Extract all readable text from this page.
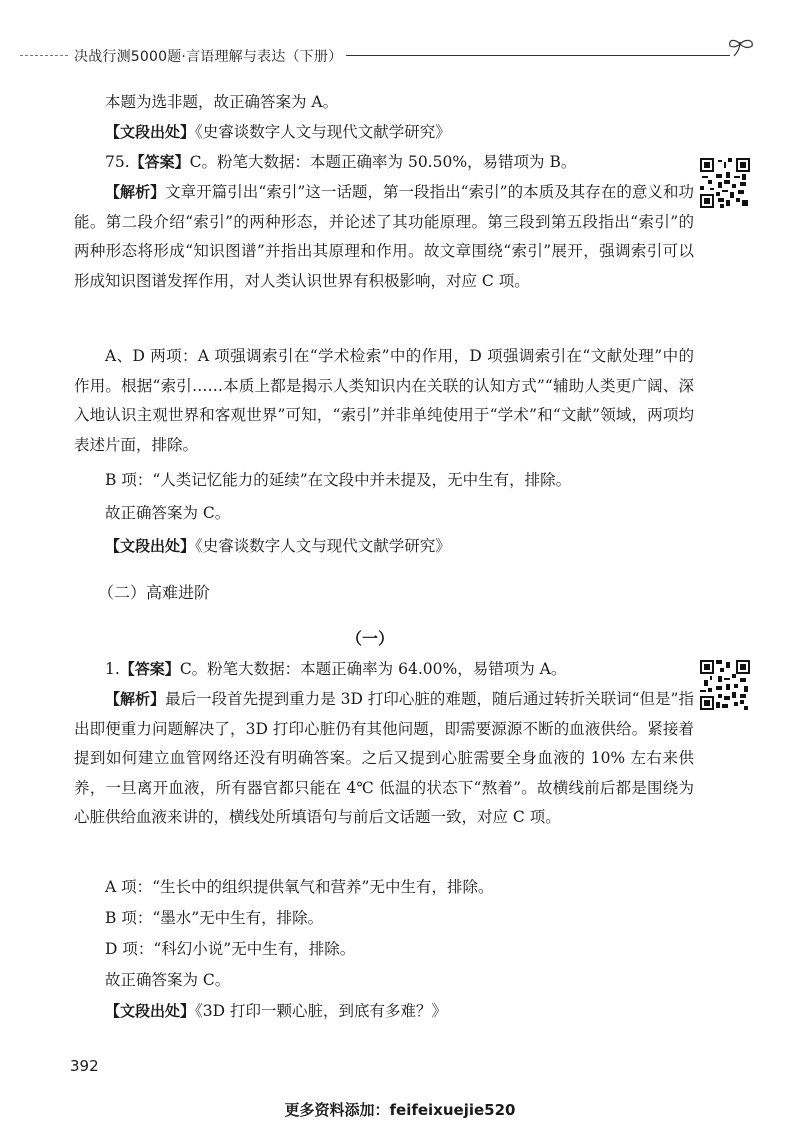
决战行测5000题·言语理解与表达（下册）

本题为选非题，故正确答案为 A。

【文段出处】《史睿谈数字人文与现代文献学研究》

75.【答案】C。粉笔大数据：本题正确率为 50.50%，易错项为 B。

【解析】文章开篇引出“索引”这一话题，第一段指出“索引”的本质及其存在的意义和功能。第二段介绍“索引”的两种形态，并论述了其功能原理。第三段到第五段指出“索引”的两种形态将形成“知识图谱”并指出其原理和作用。故文章围绕“索引”展开，强调索引可以形成知识图谱发挥作用，对人类认识世界有积极影响，对应 C 项。

A、D 两项：A 项强调索引在“学术检索”中的作用，D 项强调索引在“文献处理”中的作用。根据“索引……本质上都是揭示人类知识内在关联的认知方式”“辅助人类更广阔、深入地认识主观世界和客观世界”可知，“索引”并非单纯使用于“学术”和“文献”领域，两项均表述片面，排除。

B 项：“人类记忆能力的延续”在文段中并未提及，无中生有，排除。

故正确答案为 C。

【文段出处】《史睿谈数字人文与现代文献学研究》

（二）高难进阶
（一）

1.【答案】C。粉笔大数据：本题正确率为 64.00%，易错项为 A。

【解析】最后一段首先提到重力是 3D 打印心脏的难题，随后通过转折关联词“但是”指出即便重力问题解决了，3D 打印心脏仍有其他问题，即需要源源不断的血液供给。紧接着提到如何建立血管网络还没有明确答案。之后又提到心脏需要全身血液的 10% 左右来供养，一旦离开血液，所有器官都只能在 4℃ 低温的状态下“熬着”。故横线前后都是围绕为心脏供给血液来讲的，横线处所填语句与前后文话题一致，对应 C 项。

A 项：“生长中的组织提供氧气和营养”无中生有，排除。

B 项：“墨水”无中生有，排除。

D 项：“科幻小说”无中生有，排除。

故正确答案为 C。

【文段出处】《3D 打印一颗心脏，到底有多难？》

392
更多资料添加：feifeixuejie520
